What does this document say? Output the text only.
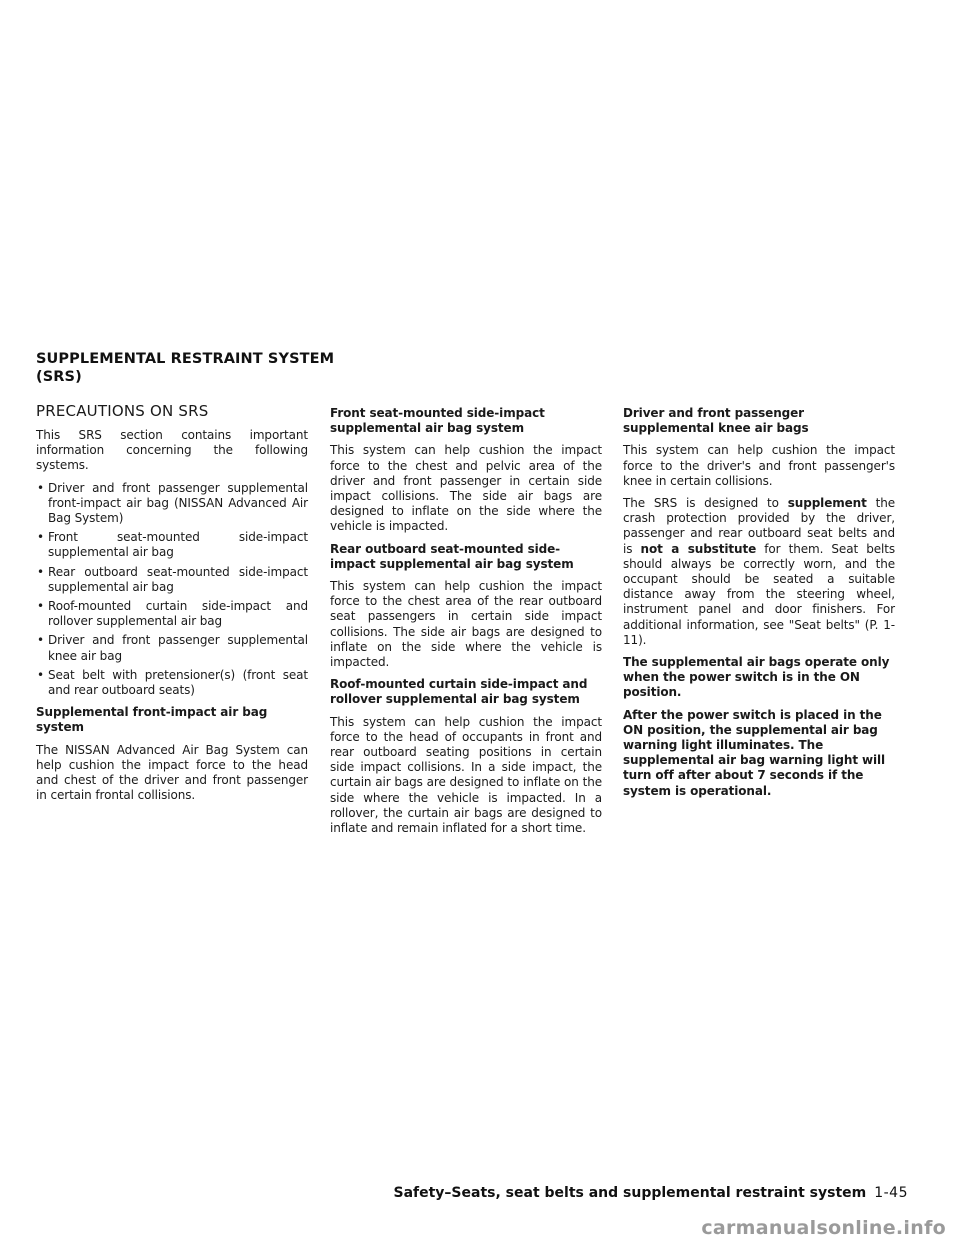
SUPPLEMENTAL RESTRAINT SYSTEM (SRS)
PRECAUTIONS ON SRS

This SRS section contains important information concerning the following systems.

• Driver and front passenger supplemental front-impact air bag (NISSAN Advanced Air Bag System)
• Front seat-mounted side-impact supplemental air bag
• Rear outboard seat-mounted side-impact supplemental air bag
• Roof-mounted curtain side-impact and rollover supplemental air bag
• Driver and front passenger supplemental knee air bag
• Seat belt with pretensioner(s) (front seat and rear outboard seats)
Supplemental front-impact air bag system

The NISSAN Advanced Air Bag System can help cushion the impact force to the head and chest of the driver and front passenger in certain frontal collisions.

Front seat-mounted side-impact supplemental air bag system

This system can help cushion the impact force to the chest and pelvic area of the driver and front passenger in certain side impact collisions. The side air bags are designed to inflate on the side where the vehicle is impacted.

Rear outboard seat-mounted side-impact supplemental air bag system

This system can help cushion the impact force to the chest area of the rear outboard seat passengers in certain side impact collisions. The side air bags are designed to inflate on the side where the vehicle is impacted.

Roof-mounted curtain side-impact and rollover supplemental air bag system

This system can help cushion the impact force to the head of occupants in front and rear outboard seating positions in certain side impact collisions. In a side impact, the curtain air bags are designed to inflate on the side where the vehicle is impacted. In a rollover, the curtain air bags are designed to inflate and remain inflated for a short time.

Driver and front passenger supplemental knee air bags

This system can help cushion the impact force to the driver's and front passenger's knee in certain collisions.

The SRS is designed to supplement the crash protection provided by the driver, passenger and rear outboard seat belts and is not a substitute for them. Seat belts should always be correctly worn, and the occupant should be seated a suitable distance away from the steering wheel, instrument panel and door finishers. For additional information, see "Seat belts" (P. 1-11).

The supplemental air bags operate only when the power switch is in the ON position.
After the power switch is placed in the ON position, the supplemental air bag warning light illuminates. The supplemental air bag warning light will turn off after about 7 seconds if the system is operational.
Safety–Seats, seat belts and supplemental restraint system 1-45
carmanualsonline.info
